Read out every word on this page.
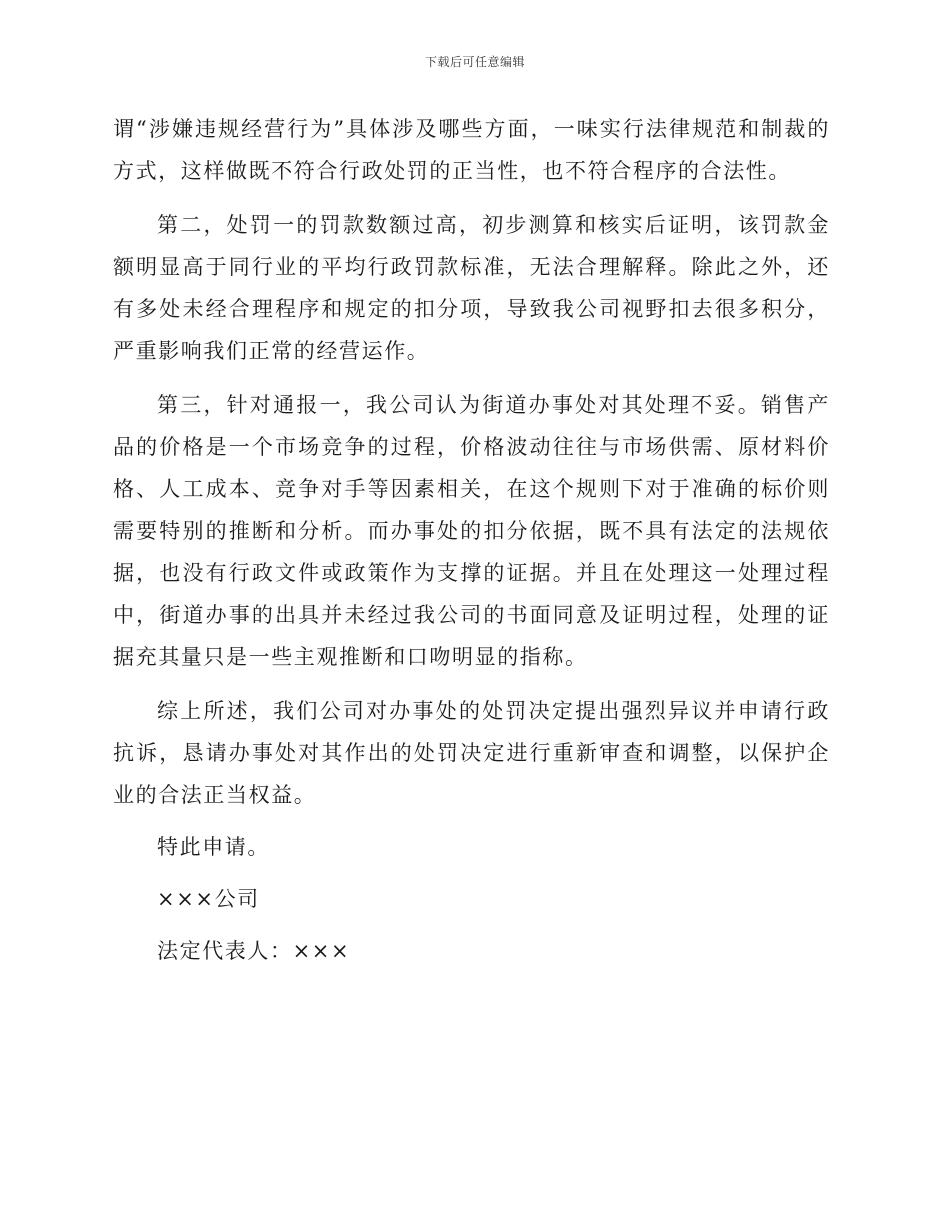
下载后可任意编辑

谓“涉嫌违规经营行为”具体涉及哪些方面，一味实行法律规范和制裁的方式，这样做既不符合行政处罚的正当性，也不符合程序的合法性。

第二，处罚一的罚款数额过高，初步测算和核实后证明，该罚款金额明显高于同行业的平均行政罚款标准，无法合理解释。除此之外，还有多处未经合理程序和规定的扣分项，导致我公司视野扣去很多积分，严重影响我们正常的经营运作。

第三，针对通报一，我公司认为街道办事处对其处理不妥。销售产品的价格是一个市场竞争的过程，价格波动往往与市场供需、原材料价格、人工成本、竞争对手等因素相关，在这个规则下对于准确的标价则需要特别的推断和分析。而办事处的扣分依据，既不具有法定的法规依据，也没有行政文件或政策作为支撑的证据。并且在处理这一处理过程中，街道办事的出具并未经过我公司的书面同意及证明过程，处理的证据充其量只是一些主观推断和口吻明显的指称。

综上所述，我们公司对办事处的处罚决定提出强烈异议并申请行政抗诉，恳请办事处对其作出的处罚决定进行重新审查和调整，以保护企业的合法正当权益。

特此申请。

×××公司

法定代表人：×××
